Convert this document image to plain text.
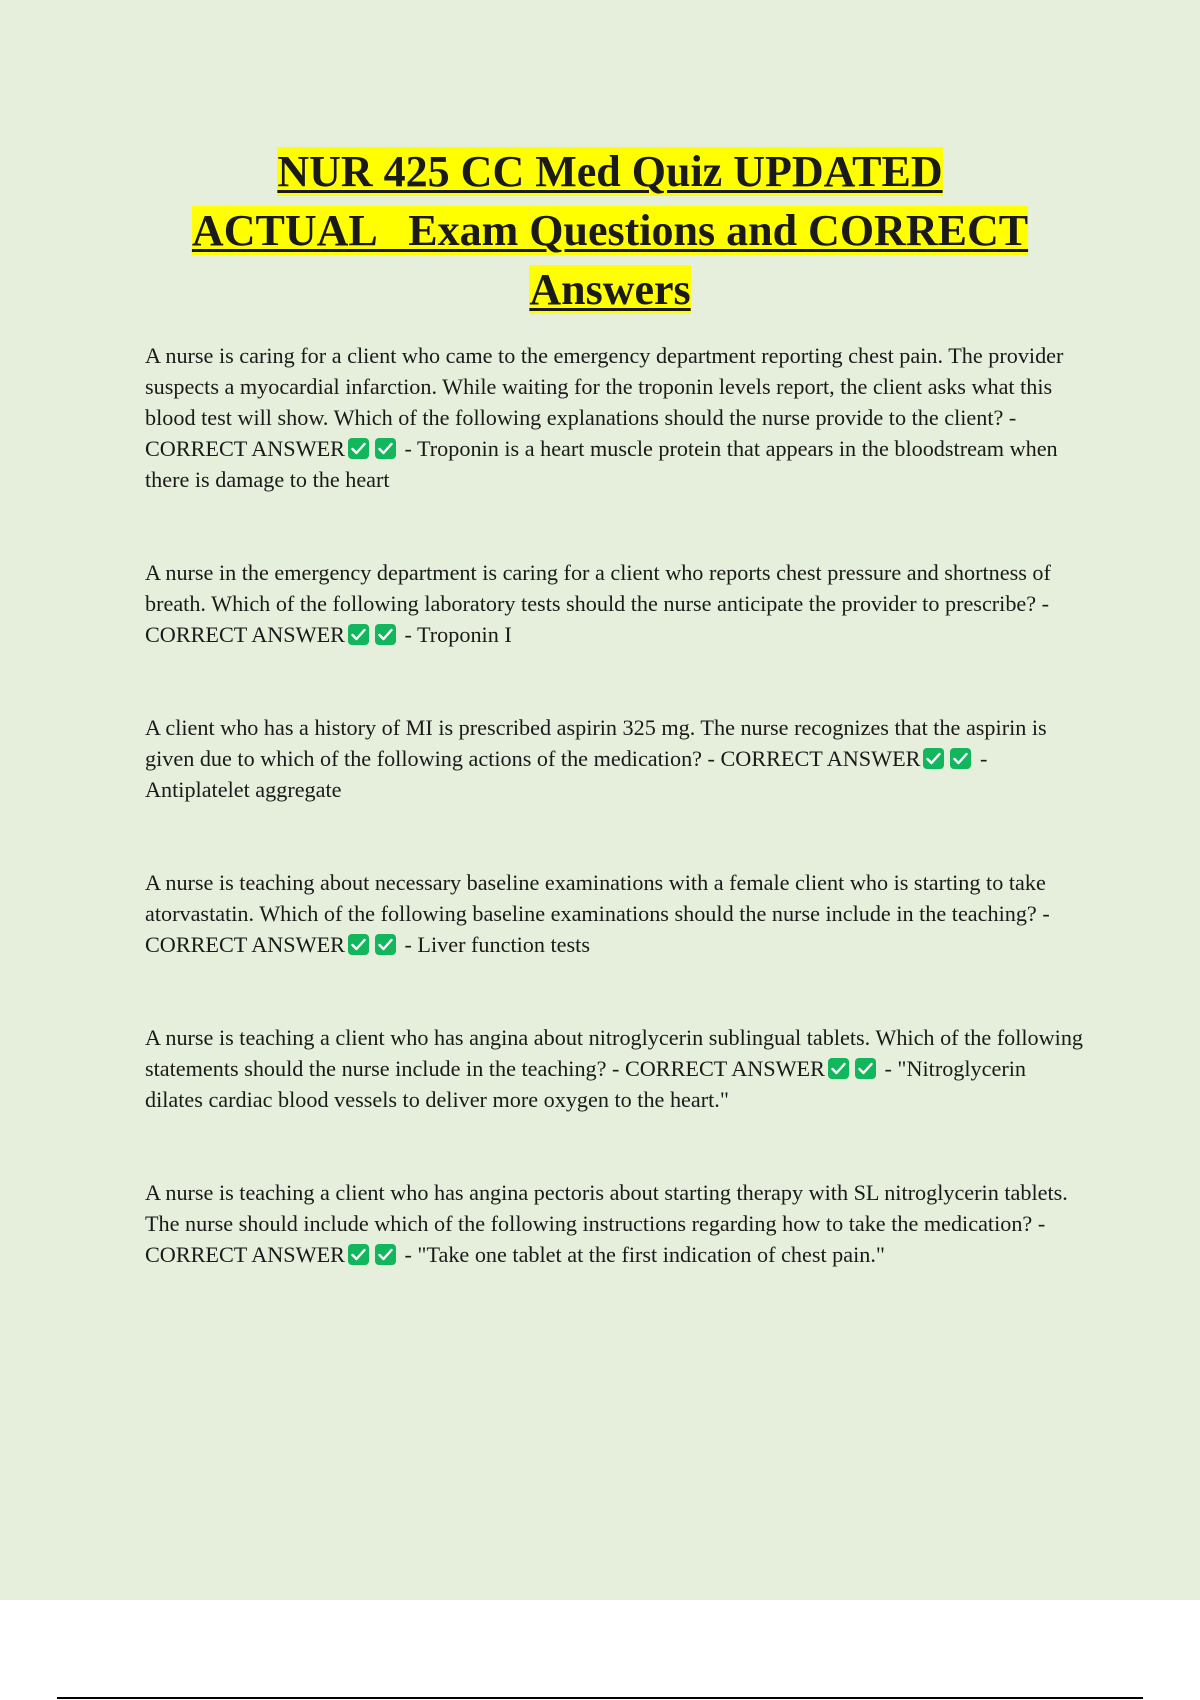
NUR 425 CC Med Quiz UPDATED
ACTUAL   Exam Questions and CORRECT
Answers

A nurse is caring for a client who came to the emergency department reporting chest pain. The provider suspects a myocardial infarction. While waiting for the troponin levels report, the client asks what this blood test will show. Which of the following explanations should the nurse provide to the client? - CORRECT ANSWER
- Troponin is a heart muscle protein that appears in the bloodstream when there is damage to the heart

A nurse in the emergency department is caring for a client who reports chest pressure and shortness of breath. Which of the following laboratory tests should the nurse anticipate the provider to prescribe? - CORRECT ANSWER
- Troponin I

A client who has a history of MI is prescribed aspirin 325 mg. The nurse recognizes that the aspirin is given due to which of the following actions of the medication? - CORRECT ANSWER
- Antiplatelet aggregate

A nurse is teaching about necessary baseline examinations with a female client who is starting to take atorvastatin. Which of the following baseline examinations should the nurse include in the teaching? - CORRECT ANSWER
- Liver function tests

A nurse is teaching a client who has angina about nitroglycerin sublingual tablets. Which of the following statements should the nurse include in the teaching? - CORRECT ANSWER
- "Nitroglycerin dilates cardiac blood vessels to deliver more oxygen to the heart."

A nurse is teaching a client who has angina pectoris about starting therapy with SL nitroglycerin tablets. The nurse should include which of the following instructions regarding how to take the medication? - CORRECT ANSWER
- "Take one tablet at the first indication of chest pain."
